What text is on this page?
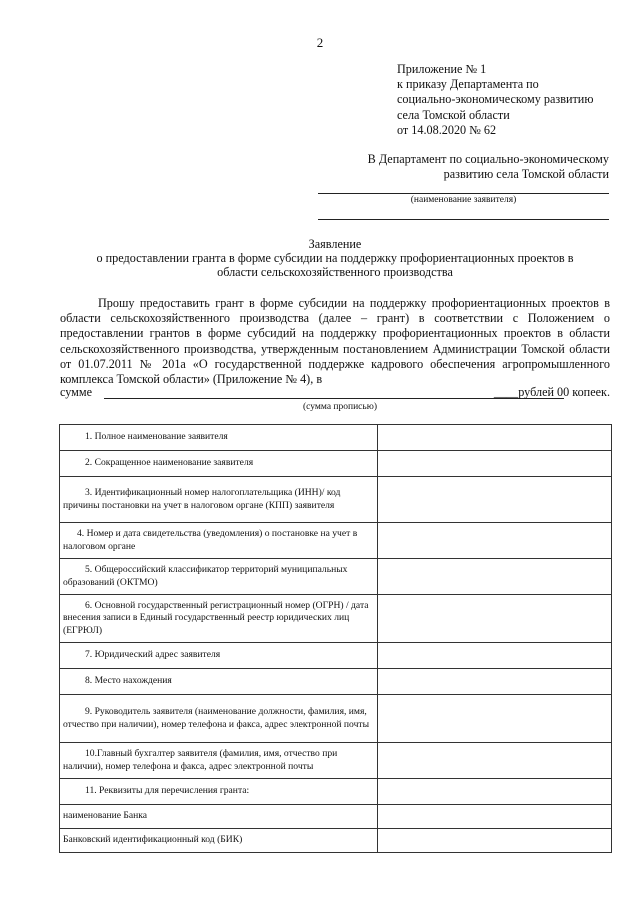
2
Приложение № 1
к приказу Департамента по
социально-экономическому развитию
села Томской области
от 14.08.2020 № 62
В Департамент по социально-экономическому
развитию села Томской области
(наименование заявителя)
Заявление
о предоставлении гранта в форме субсидии на поддержку профориентационных проектов в
области сельскохозяйственного производства
Прошу предоставить грант в форме субсидии на поддержку профориентационных проектов в области сельскохозяйственного производства (далее – грант) в соответствии с Положением о предоставлении грантов в форме субсидий на поддержку профориентационных проектов в области сельскохозяйственного производства, утвержденным постановлением Администрации Томской области от 01.07.2011 № 201а «О государственной поддержке кадрового обеспечения агропромышленного комплекса Томской области» (Приложение № 4), в
сумме	____рублей 00 копеек.
(сумма прописью)
1. Полное наименование заявителя	
2. Сокращенное наименование заявителя	
3. Идентификационный номер налогоплательщика (ИНН)/ код причины постановки на учет в налоговом органе (КПП) заявителя	
4. Номер и дата свидетельства (уведомления) о постановке на учет в налоговом органе	
5. Общероссийский классификатор территорий муниципальных образований (ОКТМО)	
6. Основной государственный регистрационный номер (ОГРН) / дата внесения записи в Единый государственный реестр юридических лиц (ЕГРЮЛ)	
7. Юридический адрес заявителя	
8. Место нахождения	
9. Руководитель заявителя (наименование должности, фамилия, имя, отчество при наличии), номер телефона и факса, адрес электронной почты	
10.Главный бухгалтер заявителя (фамилия, имя, отчество при наличии), номер телефона и факса, адрес электронной почты	
11. Реквизиты для перечисления гранта:	
наименование Банка	
Банковский идентификационный код (БИК)	
